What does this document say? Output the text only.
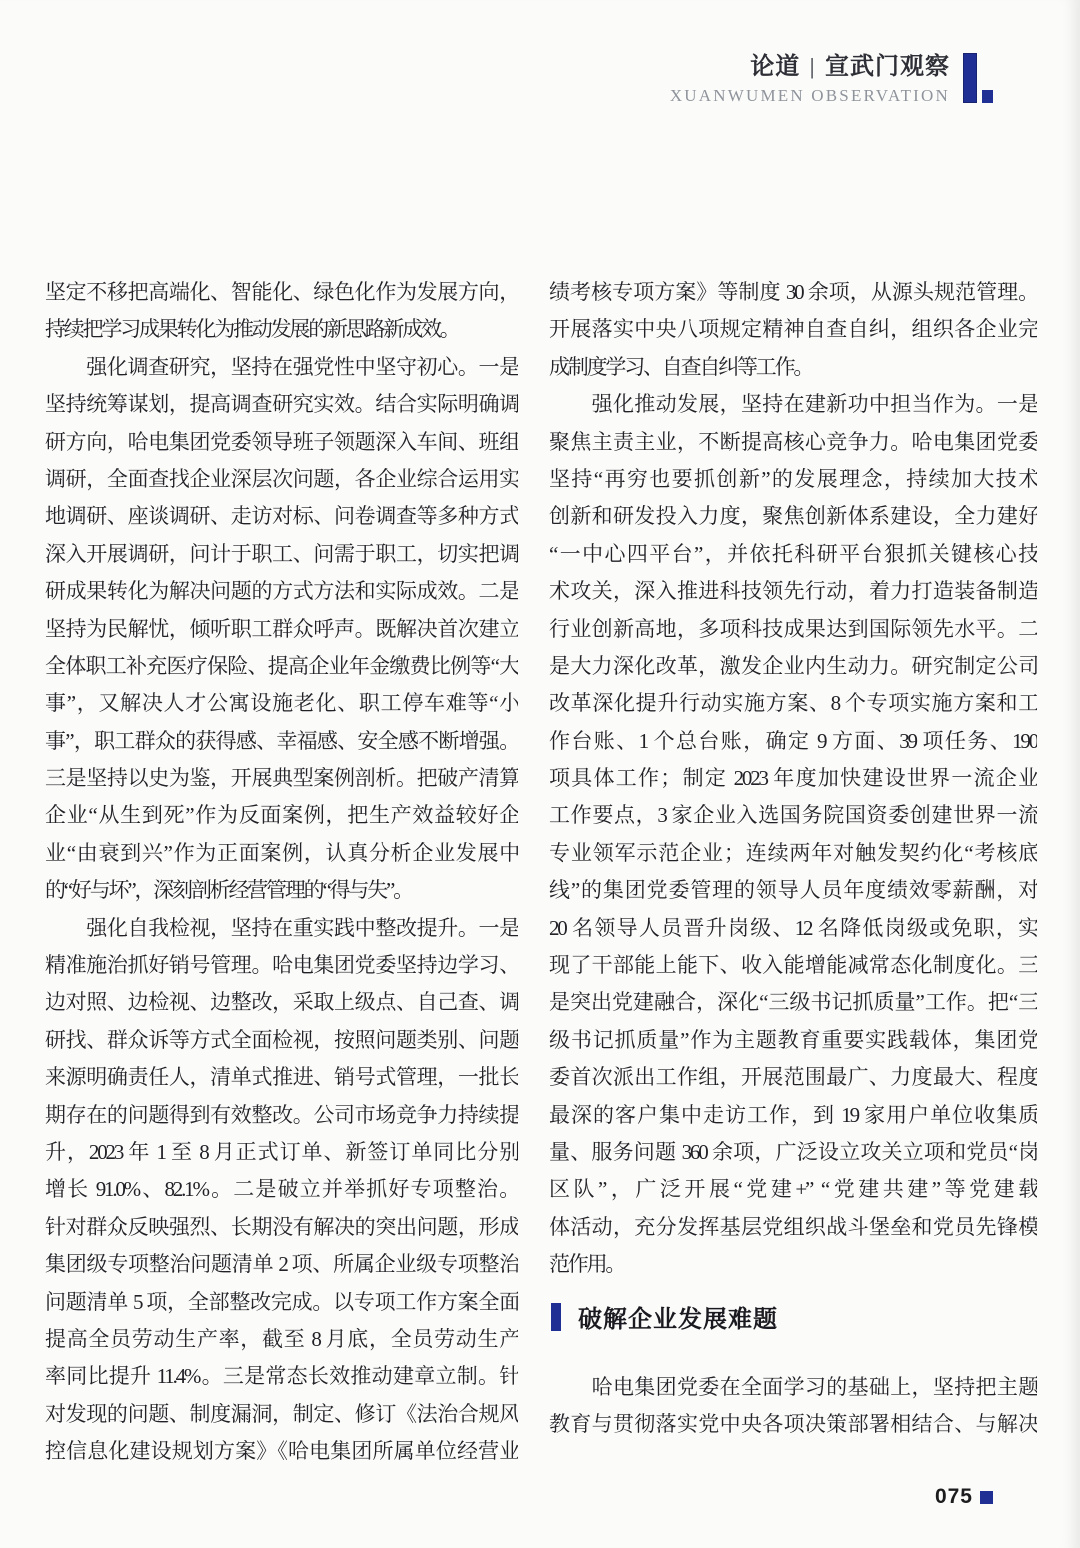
论道 | 宣武门观察
XUANWUMEN OBSERVATION
坚定不移把高端化、智能化、绿色化作为发展方向，
持续把学习成果转化为推动发展的新思路新成效。
　　强化调查研究，坚持在强党性中坚守初心。一是
坚持统筹谋划，提高调查研究实效。结合实际明确调
研方向，哈电集团党委领导班子领题深入车间、班组
调研，全面查找企业深层次问题，各企业综合运用实
地调研、座谈调研、走访对标、问卷调查等多种方式
深入开展调研，问计于职工、问需于职工，切实把调
研成果转化为解决问题的方式方法和实际成效。二是
坚持为民解忧，倾听职工群众呼声。既解决首次建立
全体职工补充医疗保险、提高企业年金缴费比例等“大
事”，又解决人才公寓设施老化、职工停车难等“小
事”，职工群众的获得感、幸福感、安全感不断增强。
三是坚持以史为鉴，开展典型案例剖析。把破产清算
企业“从生到死”作为反面案例，把生产效益较好企
业“由衰到兴”作为正面案例，认真分析企业发展中
的“好与坏”，深刻剖析经营管理的“得与失”。
　　强化自我检视，坚持在重实践中整改提升。一是
精准施治抓好销号管理。哈电集团党委坚持边学习、
边对照、边检视、边整改，采取上级点、自己查、调
研找、群众诉等方式全面检视，按照问题类别、问题
来源明确责任人，清单式推进、销号式管理，一批长
期存在的问题得到有效整改。公司市场竞争力持续提
升，2023 年 1 至 8 月正式订单、新签订单同比分别
增长 91.0%、82.1%。二是破立并举抓好专项整治。
针对群众反映强烈、长期没有解决的突出问题，形成
集团级专项整治问题清单 2 项、所属企业级专项整治
问题清单 5 项，全部整改完成。以专项工作方案全面
提高全员劳动生产率，截至 8 月底，全员劳动生产
率同比提升 11.4%。三是常态长效推动建章立制。针
对发现的问题、制度漏洞，制定、修订《法治合规风
控信息化建设规划方案》《哈电集团所属单位经营业
绩考核专项方案》等制度 30 余项，从源头规范管理。
开展落实中央八项规定精神自查自纠，组织各企业完
成制度学习、自查自纠等工作。
　　强化推动发展，坚持在建新功中担当作为。一是
聚焦主责主业，不断提高核心竞争力。哈电集团党委
坚持“再穷也要抓创新”的发展理念，持续加大技术
创新和研发投入力度，聚焦创新体系建设，全力建好
“一中心四平台”，并依托科研平台狠抓关键核心技
术攻关，深入推进科技领先行动，着力打造装备制造
行业创新高地，多项科技成果达到国际领先水平。二
是大力深化改革，激发企业内生动力。研究制定公司
改革深化提升行动实施方案、8 个专项实施方案和工
作台账、1 个总台账，确定 9 方面、39 项任务、190
项具体工作；制定 2023 年度加快建设世界一流企业
工作要点，3 家企业入选国务院国资委创建世界一流
专业领军示范企业；连续两年对触发契约化“考核底
线”的集团党委管理的领导人员年度绩效零薪酬，对
20 名领导人员晋升岗级、12 名降低岗级或免职，实
现了干部能上能下、收入能增能减常态化制度化。三
是突出党建融合，深化“三级书记抓质量”工作。把“三
级书记抓质量”作为主题教育重要实践载体，集团党
委首次派出工作组，开展范围最广、力度最大、程度
最深的客户集中走访工作，到 19 家用户单位收集质
量、服务问题 360 余项，广泛设立攻关立项和党员“岗
区队”，广泛开展“党建+” “党建共建”等党建载
体活动，充分发挥基层党组织战斗堡垒和党员先锋模
范作用。
破解企业发展难题
　　哈电集团党委在全面学习的基础上，坚持把主题
教育与贯彻落实党中央各项决策部署相结合、与解决
075
